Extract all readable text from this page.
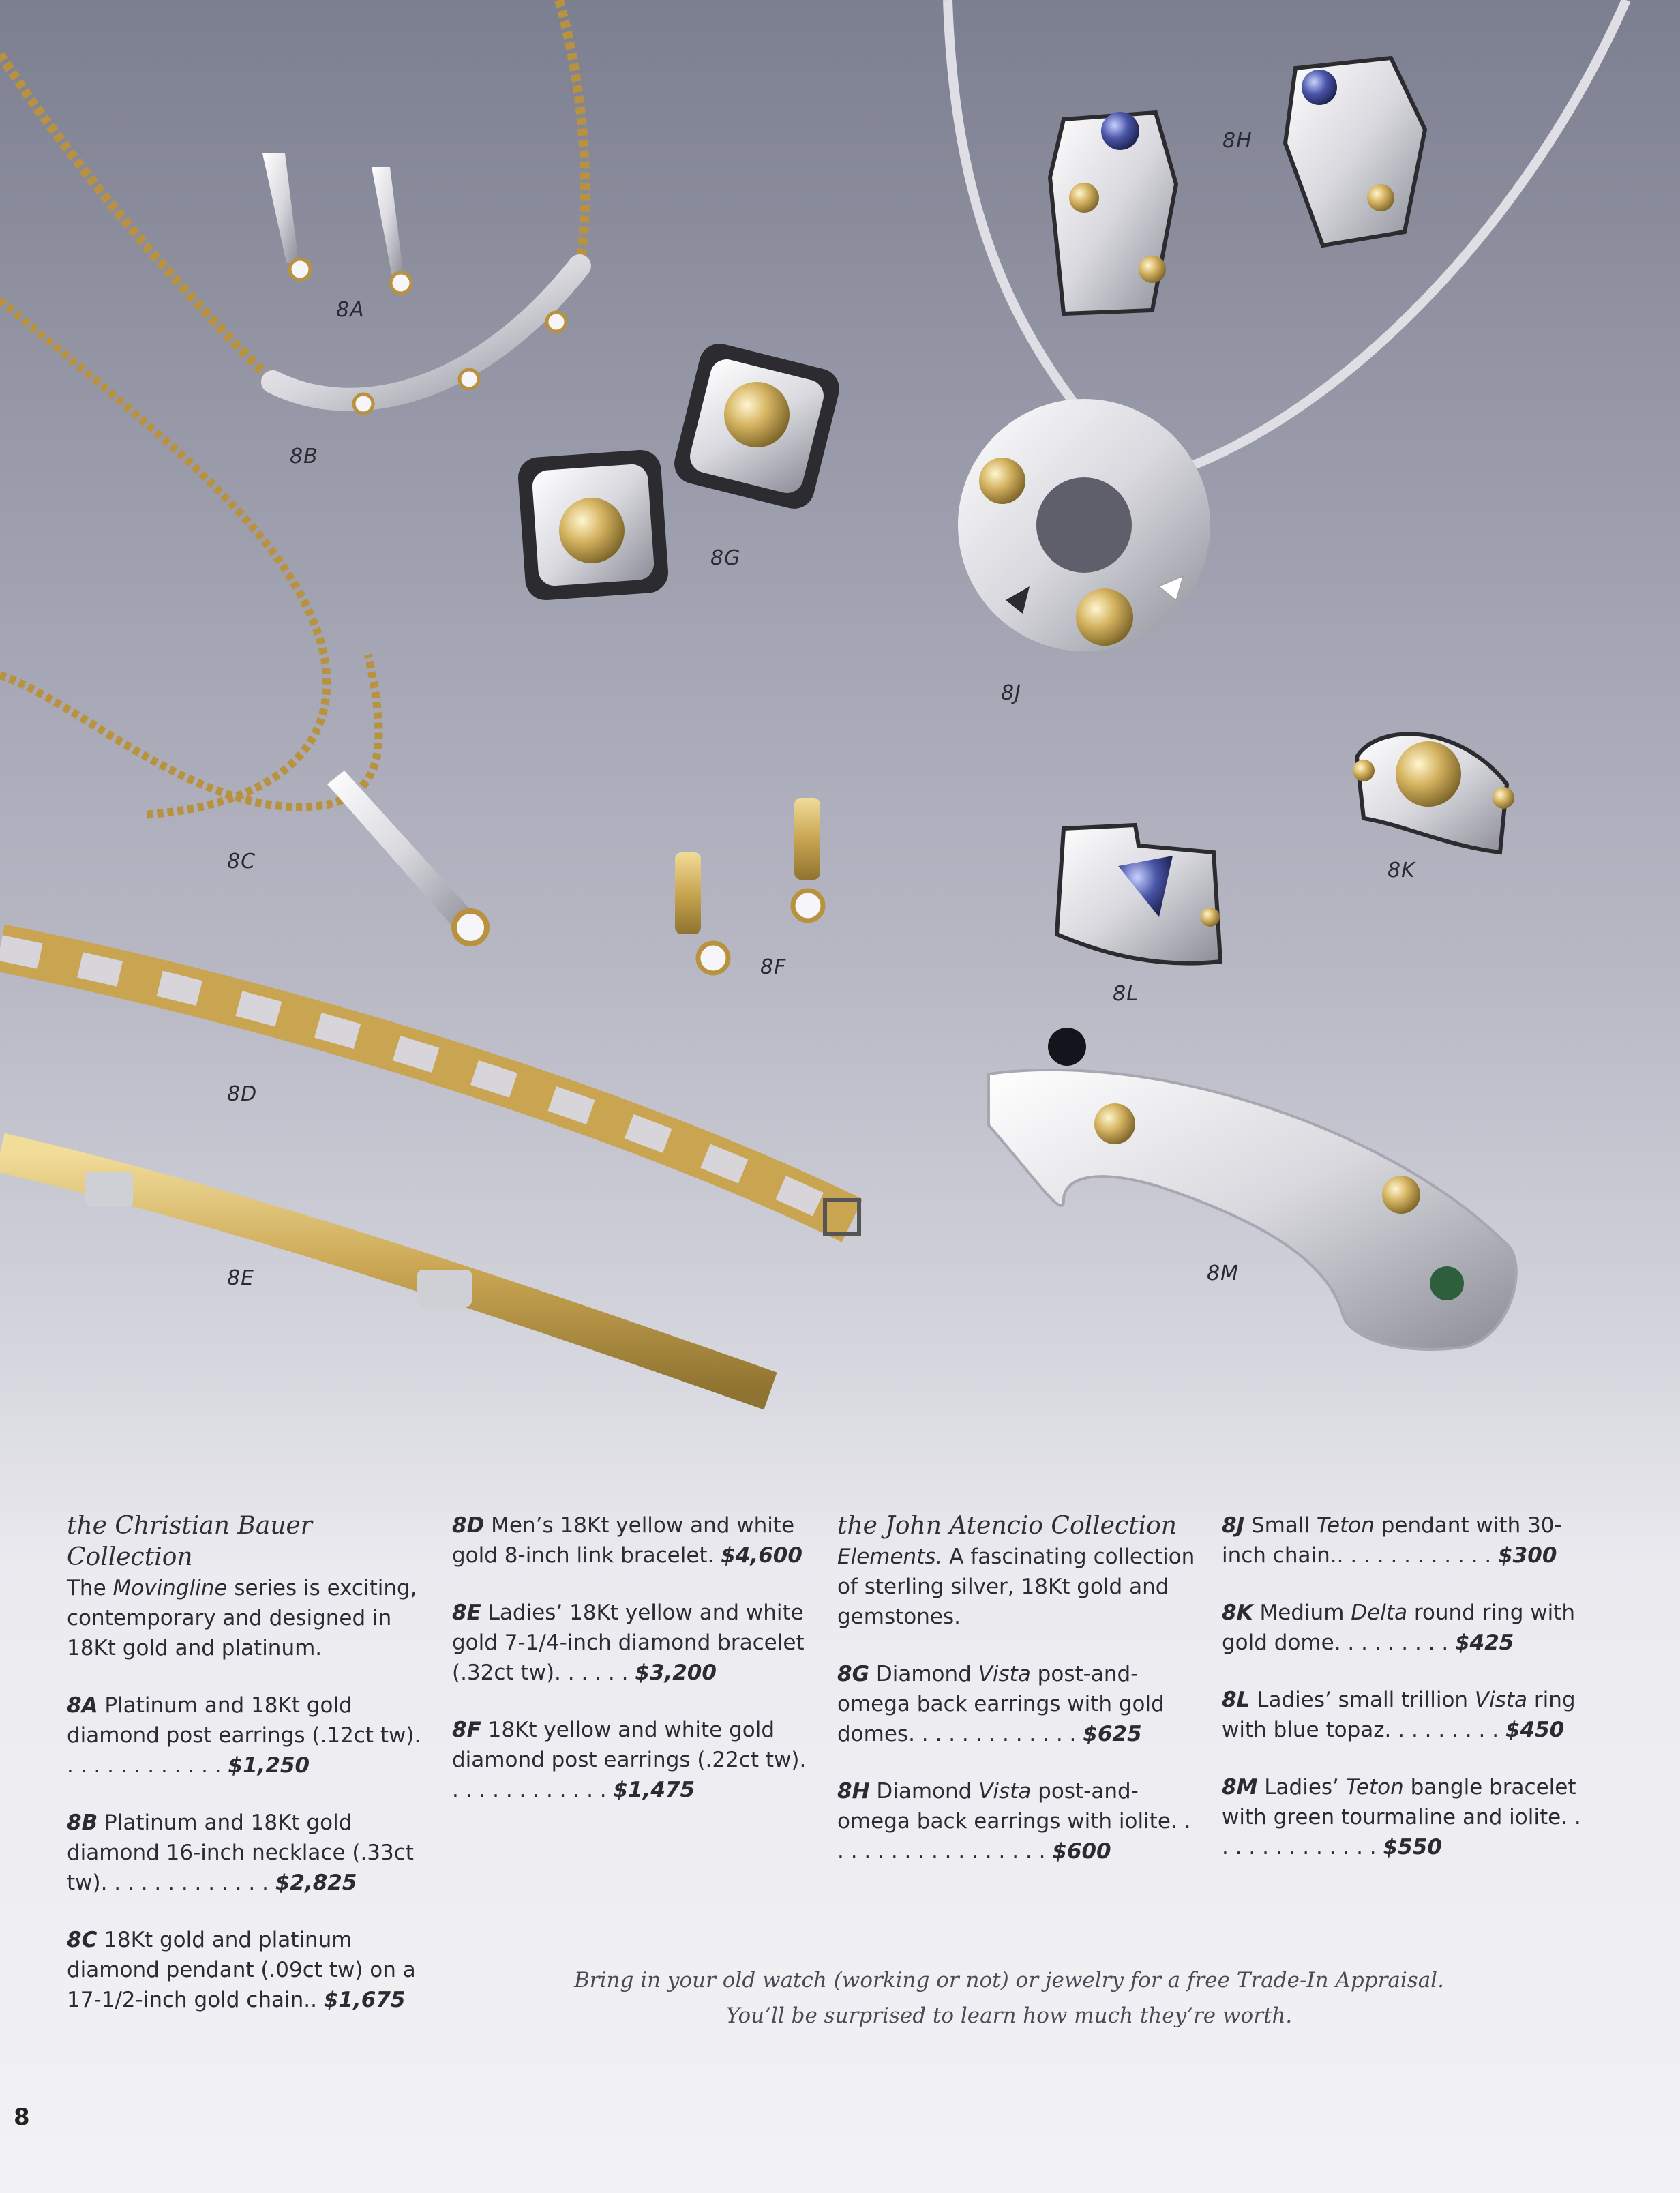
8A
8B
8C
8D
8E
8F
8G
8H
8J
8K
8L
8M

the Christian Bauer Collection
The Movingline series is exciting, contemporary and designed in 18Kt gold and platinum.

8A Platinum and 18Kt gold diamond post earrings (.12ct tw). . . . . . . . . . . . . $1,250

8B Platinum and 18Kt gold diamond 16-inch necklace (.33ct tw). . . . . . . . . . . . . $2,825

8C 18Kt gold and platinum diamond pendant (.09ct tw) on a 17-1/2-inch gold chain.. $1,675

8D Men’s 18Kt yellow and white gold 8-inch link bracelet. $4,600

8E Ladies’ 18Kt yellow and white gold 7-1/4-inch diamond bracelet (.32ct tw). . . . . . $3,200

8F 18Kt yellow and white gold diamond post earrings (.22ct tw). . . . . . . . . . . . . $1,475

the John Atencio Collection
Elements. A fascinating collection of sterling silver, 18Kt gold and gemstones.

8G Diamond Vista post-and-omega back earrings with gold domes. . . . . . . . . . . . . $625

8H Diamond Vista post-and-omega back earrings with iolite. . . . . . . . . . . . . . . . . . $600

8J Small Teton pendant with 30-inch chain.. . . . . . . . . . . . $300

8K Medium Delta round ring with gold dome. . . . . . . . . $425

8L Ladies’ small trillion Vista ring with blue topaz. . . . . . . . . $450

8M Ladies’ Teton bangle bracelet with green tourmaline and iolite. . . . . . . . . . . . . . $550

Bring in your old watch (working or not) or jewelry for a free Trade-In Appraisal.
You’ll be surprised to learn how much they’re worth.
8
